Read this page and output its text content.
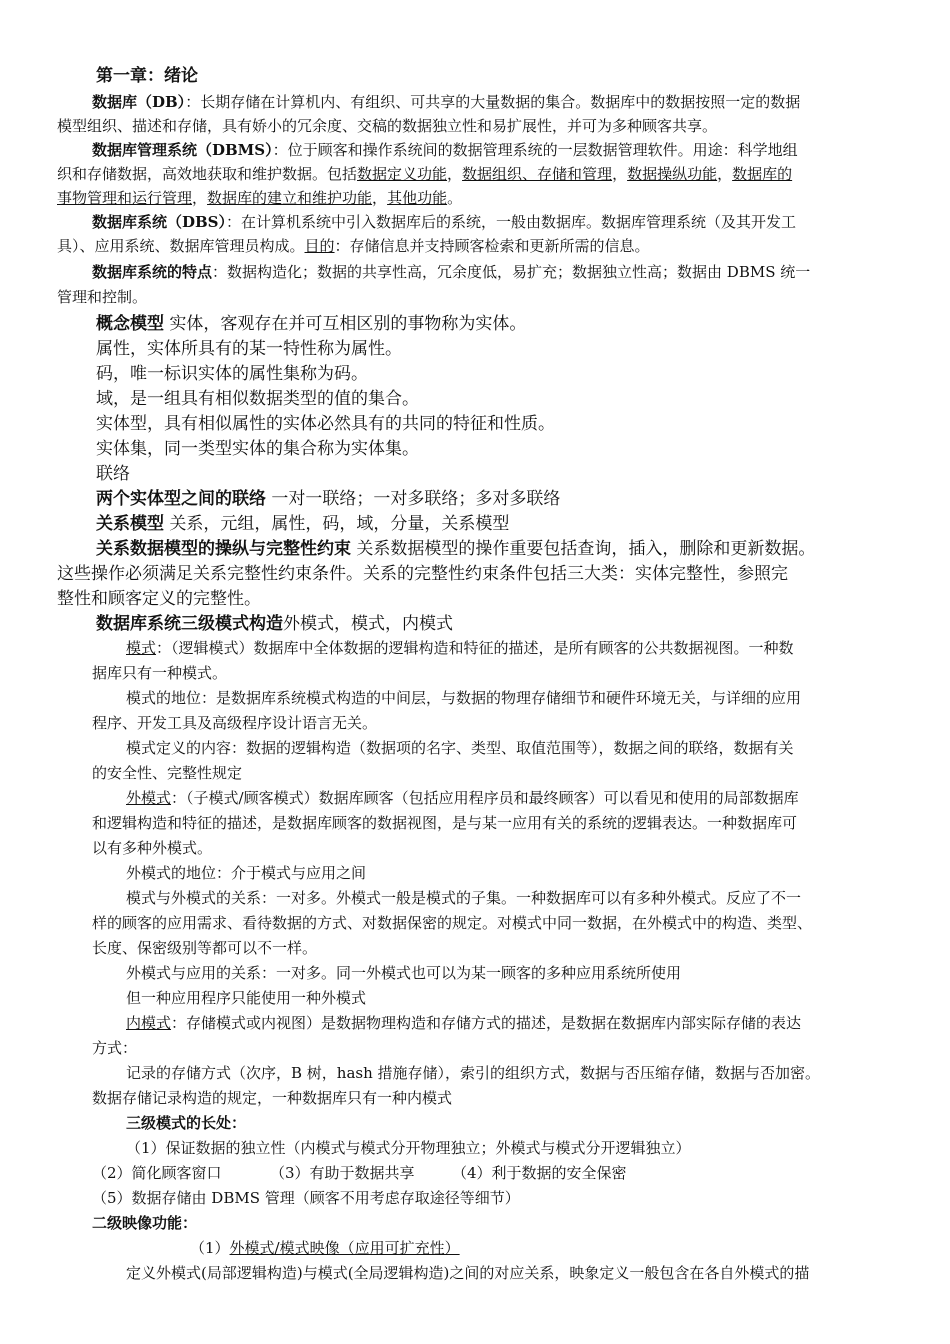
第一章：绪论
数据库（DB）：长期存储在计算机内、有组织、可共享的大量数据的集合。数据库中的数据按照一定的数据
模型组织、描述和存储，具有娇小的冗余度、交稿的数据独立性和易扩展性，并可为多种顾客共享。
数据库管理系统（DBMS）：位于顾客和操作系统间的数据管理系统的一层数据管理软件。用途：科学地组
织和存储数据，高效地获取和维护数据。包括数据定义功能，数据组织、存储和管理，数据操纵功能，数据库的
事物管理和运行管理，数据库的建立和维护功能，其他功能。
数据库系统（DBS）：在计算机系统中引入数据库后的系统，一般由数据库。数据库管理系统（及其开发工
具）、应用系统、数据库管理员构成。目的：存储信息并支持顾客检索和更新所需的信息。
数据库系统的特点：数据构造化；数据的共享性高，冗余度低，易扩充；数据独立性高；数据由 DBMS 统一
管理和控制。
概念模型 实体，客观存在并可互相区别的事物称为实体。
属性，实体所具有的某一特性称为属性。
码，唯一标识实体的属性集称为码。
域，是一组具有相似数据类型的值的集合。
实体型，具有相似属性的实体必然具有的共同的特征和性质。
实体集，同一类型实体的集合称为实体集。
联络
两个实体型之间的联络 一对一联络；一对多联络；多对多联络
关系模型 关系，元组，属性，码，域，分量，关系模型
关系数据模型的操纵与完整性约束 关系数据模型的操作重要包括查询，插入，删除和更新数据。
这些操作必须满足关系完整性约束条件。关系的完整性约束条件包括三大类：实体完整性，参照完
整性和顾客定义的完整性。
数据库系统三级模式构造外模式，模式，内模式
模式：（逻辑模式）数据库中全体数据的逻辑构造和特征的描述，是所有顾客的公共数据视图。一种数
据库只有一种模式。
模式的地位：是数据库系统模式构造的中间层，与数据的物理存储细节和硬件环境无关，与详细的应用
程序、开发工具及高级程序设计语言无关。
模式定义的内容：数据的逻辑构造（数据项的名字、类型、取值范围等），数据之间的联络，数据有关
的安全性、完整性规定
外模式：（子模式/顾客模式）数据库顾客（包括应用程序员和最终顾客）可以看见和使用的局部数据库
和逻辑构造和特征的描述，是数据库顾客的数据视图，是与某一应用有关的系统的逻辑表达。一种数据库可
以有多种外模式。
外模式的地位：介于模式与应用之间
模式与外模式的关系：一对多。外模式一般是模式的子集。一种数据库可以有多种外模式。反应了不一
样的顾客的应用需求、看待数据的方式、对数据保密的规定。对模式中同一数据，在外模式中的构造、类型、
长度、保密级别等都可以不一样。
外模式与应用的关系：一对多。同一外模式也可以为某一顾客的多种应用系统所使用
但一种应用程序只能使用一种外模式
内模式：存储模式或内视图）是数据物理构造和存储方式的描述，是数据在数据库内部实际存储的表达
方式：
记录的存储方式（次序，B 树，hash 措施存储），索引的组织方式，数据与否压缩存储，数据与否加密。
数据存储记录构造的规定，一种数据库只有一种内模式
三级模式的长处：
（1）保证数据的独立性（内模式与模式分开物理独立；外模式与模式分开逻辑独立）
（2）简化顾客窗口	（3）有助于数据共享 （4）利于数据的安全保密
（5）数据存储由 DBMS 管理（顾客不用考虑存取途径等细节）
二级映像功能：
（1）外模式/模式映像（应用可扩充性）
定义外模式(局部逻辑构造)与模式(全局逻辑构造)之间的对应关系，映象定义一般包含在各自外模式的描
